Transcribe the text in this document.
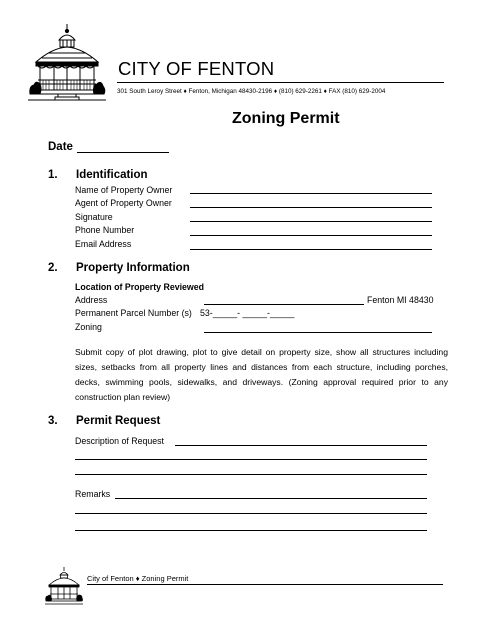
CITY OF FENTON
301 South Leroy Street ♦ Fenton, Michigan 48430-2196 ♦ (810) 629-2261 ♦ FAX (810) 629-2004
Zoning Permit
Date
1. Identification
Name of Property Owner
Agent of Property Owner
Signature
Phone Number
Email Address
2. Property Information
Location of Property Reviewed
Address	Fenton MI 48430
Permanent Parcel Number (s) 53-_____- _____-_____
Zoning
Submit copy of plot drawing, plot to give detail on property size, show all structures including sizes, setbacks from all property lines and distances from each structure, including porches, decks, swimming pools, sidewalks, and driveways. (Zoning approval required prior to any construction plan review)
3. Permit Request
Description of Request
Remarks
City of Fenton ♦ Zoning Permit
